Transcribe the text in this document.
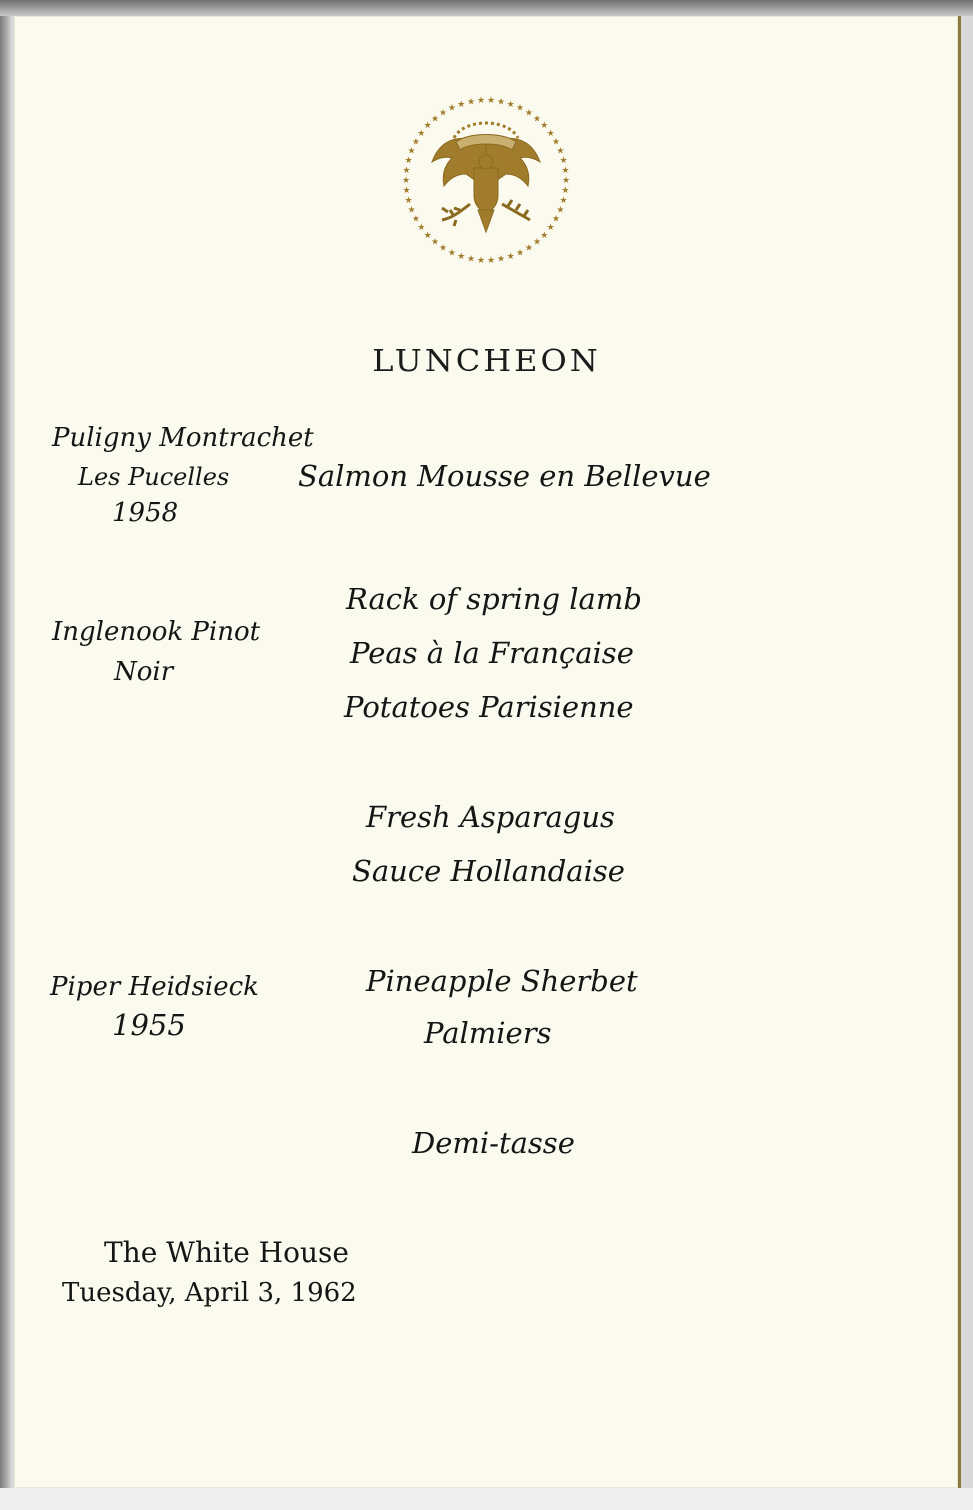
★
★
★
★
★
★
★
★
★
★
★
★
★
★
★
★
★
★
★
★
★
★
★
★
★
★
★
★
★
★
★
★
★
★ ★ ★ ★ ★ ★ ★ ★ ★ ★
★
★
★
★
★
★
★
LUNCHEON
Puligny Montrachet
Les Pucelles
1958
Inglenook Pinot
Noir
Piper Heidsieck
1955
Salmon Mousse en Bellevue
Rack of spring lamb
Peas à la Française
Potatoes Parisienne
Fresh Asparagus
Sauce Hollandaise
Pineapple Sherbet
Palmiers
Demi-tasse
The White House
Tuesday, April 3, 1962
